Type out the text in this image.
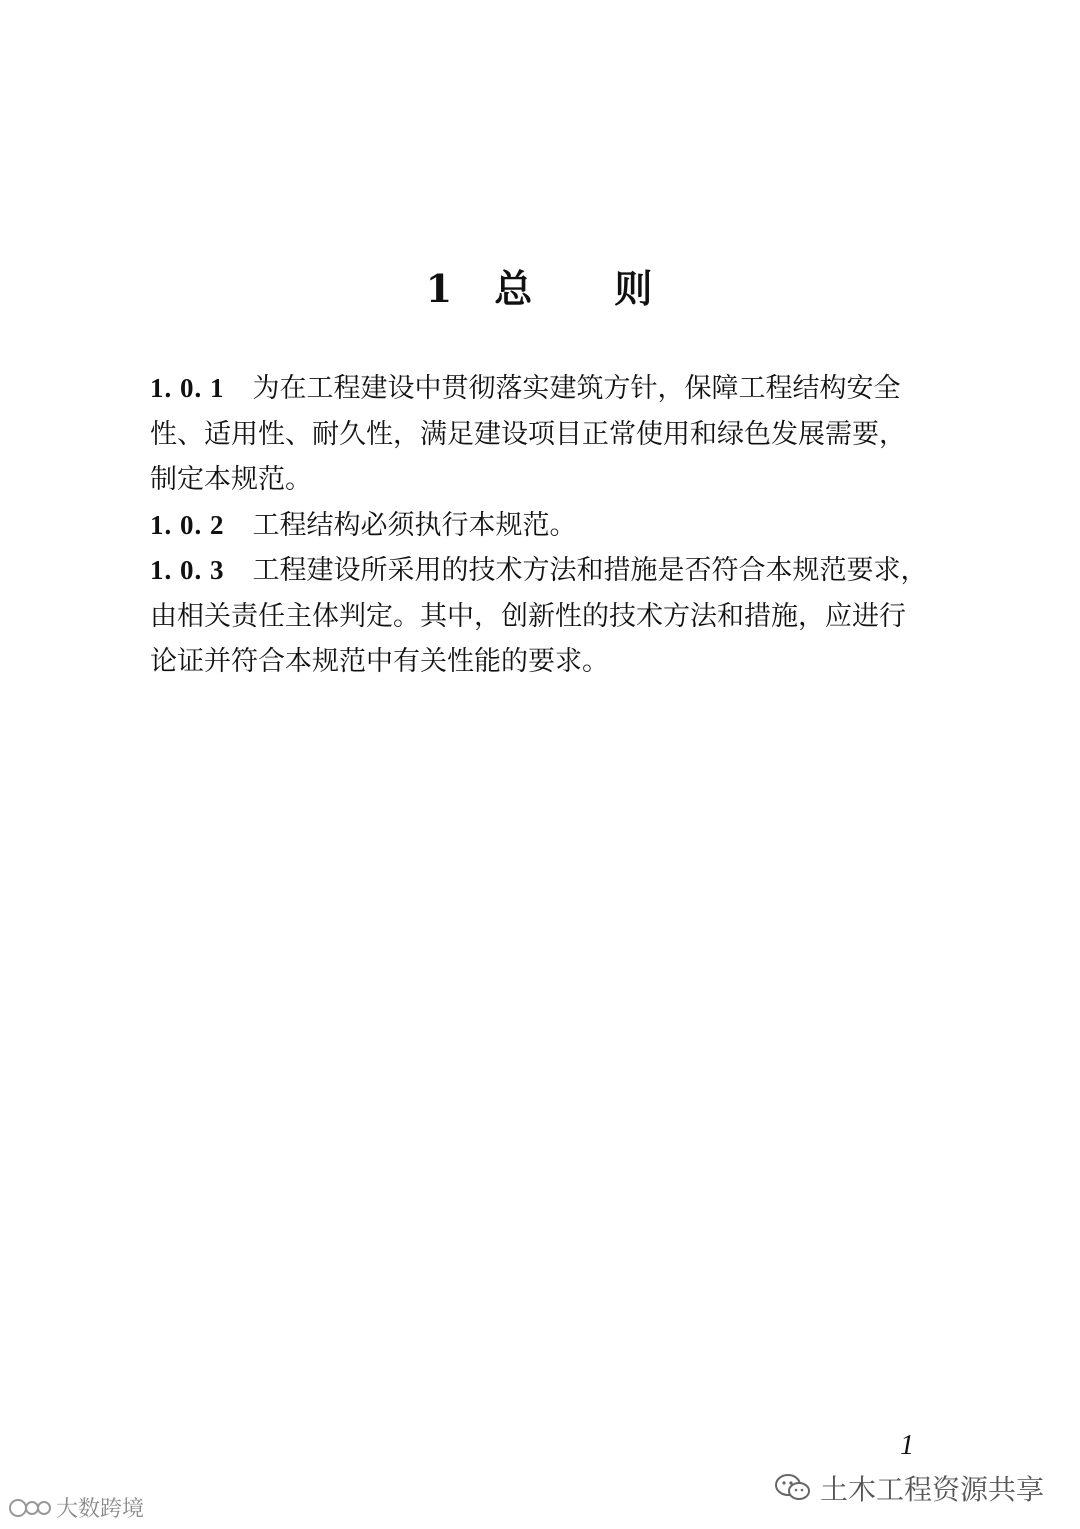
1 总 则

1. 0. 1 为在工程建设中贯彻落实建筑方针，保障工程结构安全
性、适用性、耐久性，满足建设项目正常使用和绿色发展需要，
制定本规范。

1. 0. 2 工程结构必须执行本规范。

1. 0. 3 工程建设所采用的技术方法和措施是否符合本规范要求，
由相关责任主体判定。其中，创新性的技术方法和措施，应进行
论证并符合本规范中有关性能的要求。

1
土木工程资源共享
大数跨境
